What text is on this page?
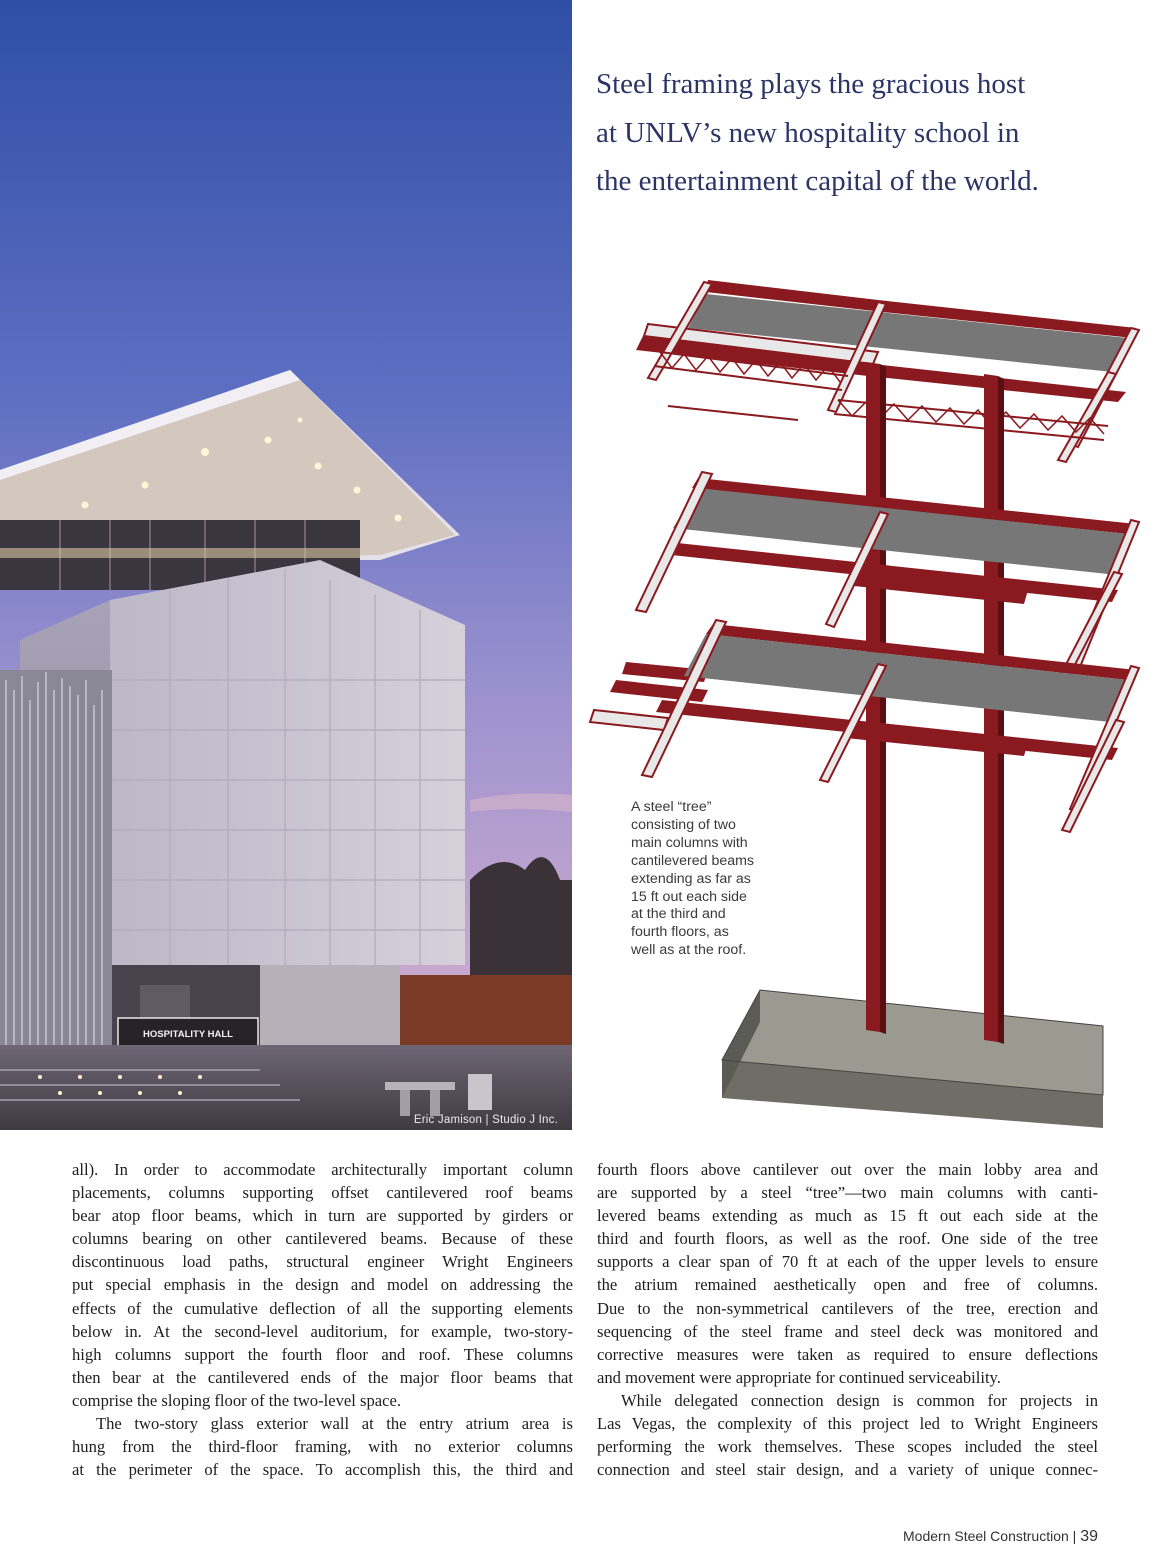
HOSPITALITY HALL
Eric Jamison | Studio J Inc.
Steel framing plays the gracious host
at UNLV’s new hospitality school in
the entertainment capital of the world.
A steel “tree”
consisting of two
main columns with
cantilevered beams
extending as far as
15 ft out each side
at the third and
fourth floors, as
well as at the roof.
all). In order to accommodate architecturally important column
placements, columns supporting offset cantilevered roof beams
bear atop floor beams, which in turn are supported by girders or
columns bearing on other cantilevered beams. Because of these
discontinuous load paths, structural engineer Wright Engineers
put special emphasis in the design and model on addressing the
effects of the cumulative deflection of all the supporting elements
below in. At the second-level auditorium, for example, two-story-
high columns support the fourth floor and roof. These columns
then bear at the cantilevered ends of the major floor beams that
comprise the sloping floor of the two-level space.
The two-story glass exterior wall at the entry atrium area is
hung from the third-floor framing, with no exterior columns
at the perimeter of the space. To accomplish this, the third and
fourth floors above cantilever out over the main lobby area and
are supported by a steel “tree”—two main columns with canti-
levered beams extending as much as 15 ft out each side at the
third and fourth floors, as well as the roof. One side of the tree
supports a clear span of 70 ft at each of the upper levels to ensure
the atrium remained aesthetically open and free of columns.
Due to the non-symmetrical cantilevers of the tree, erection and
sequencing of the steel frame and steel deck was monitored and
corrective measures were taken as required to ensure deflections
and movement were appropriate for continued serviceability.
While delegated connection design is common for projects in
Las Vegas, the complexity of this project led to Wright Engineers
performing the work themselves. These scopes included the steel
connection and steel stair design, and a variety of unique connec-
Modern Steel Construction | 39
